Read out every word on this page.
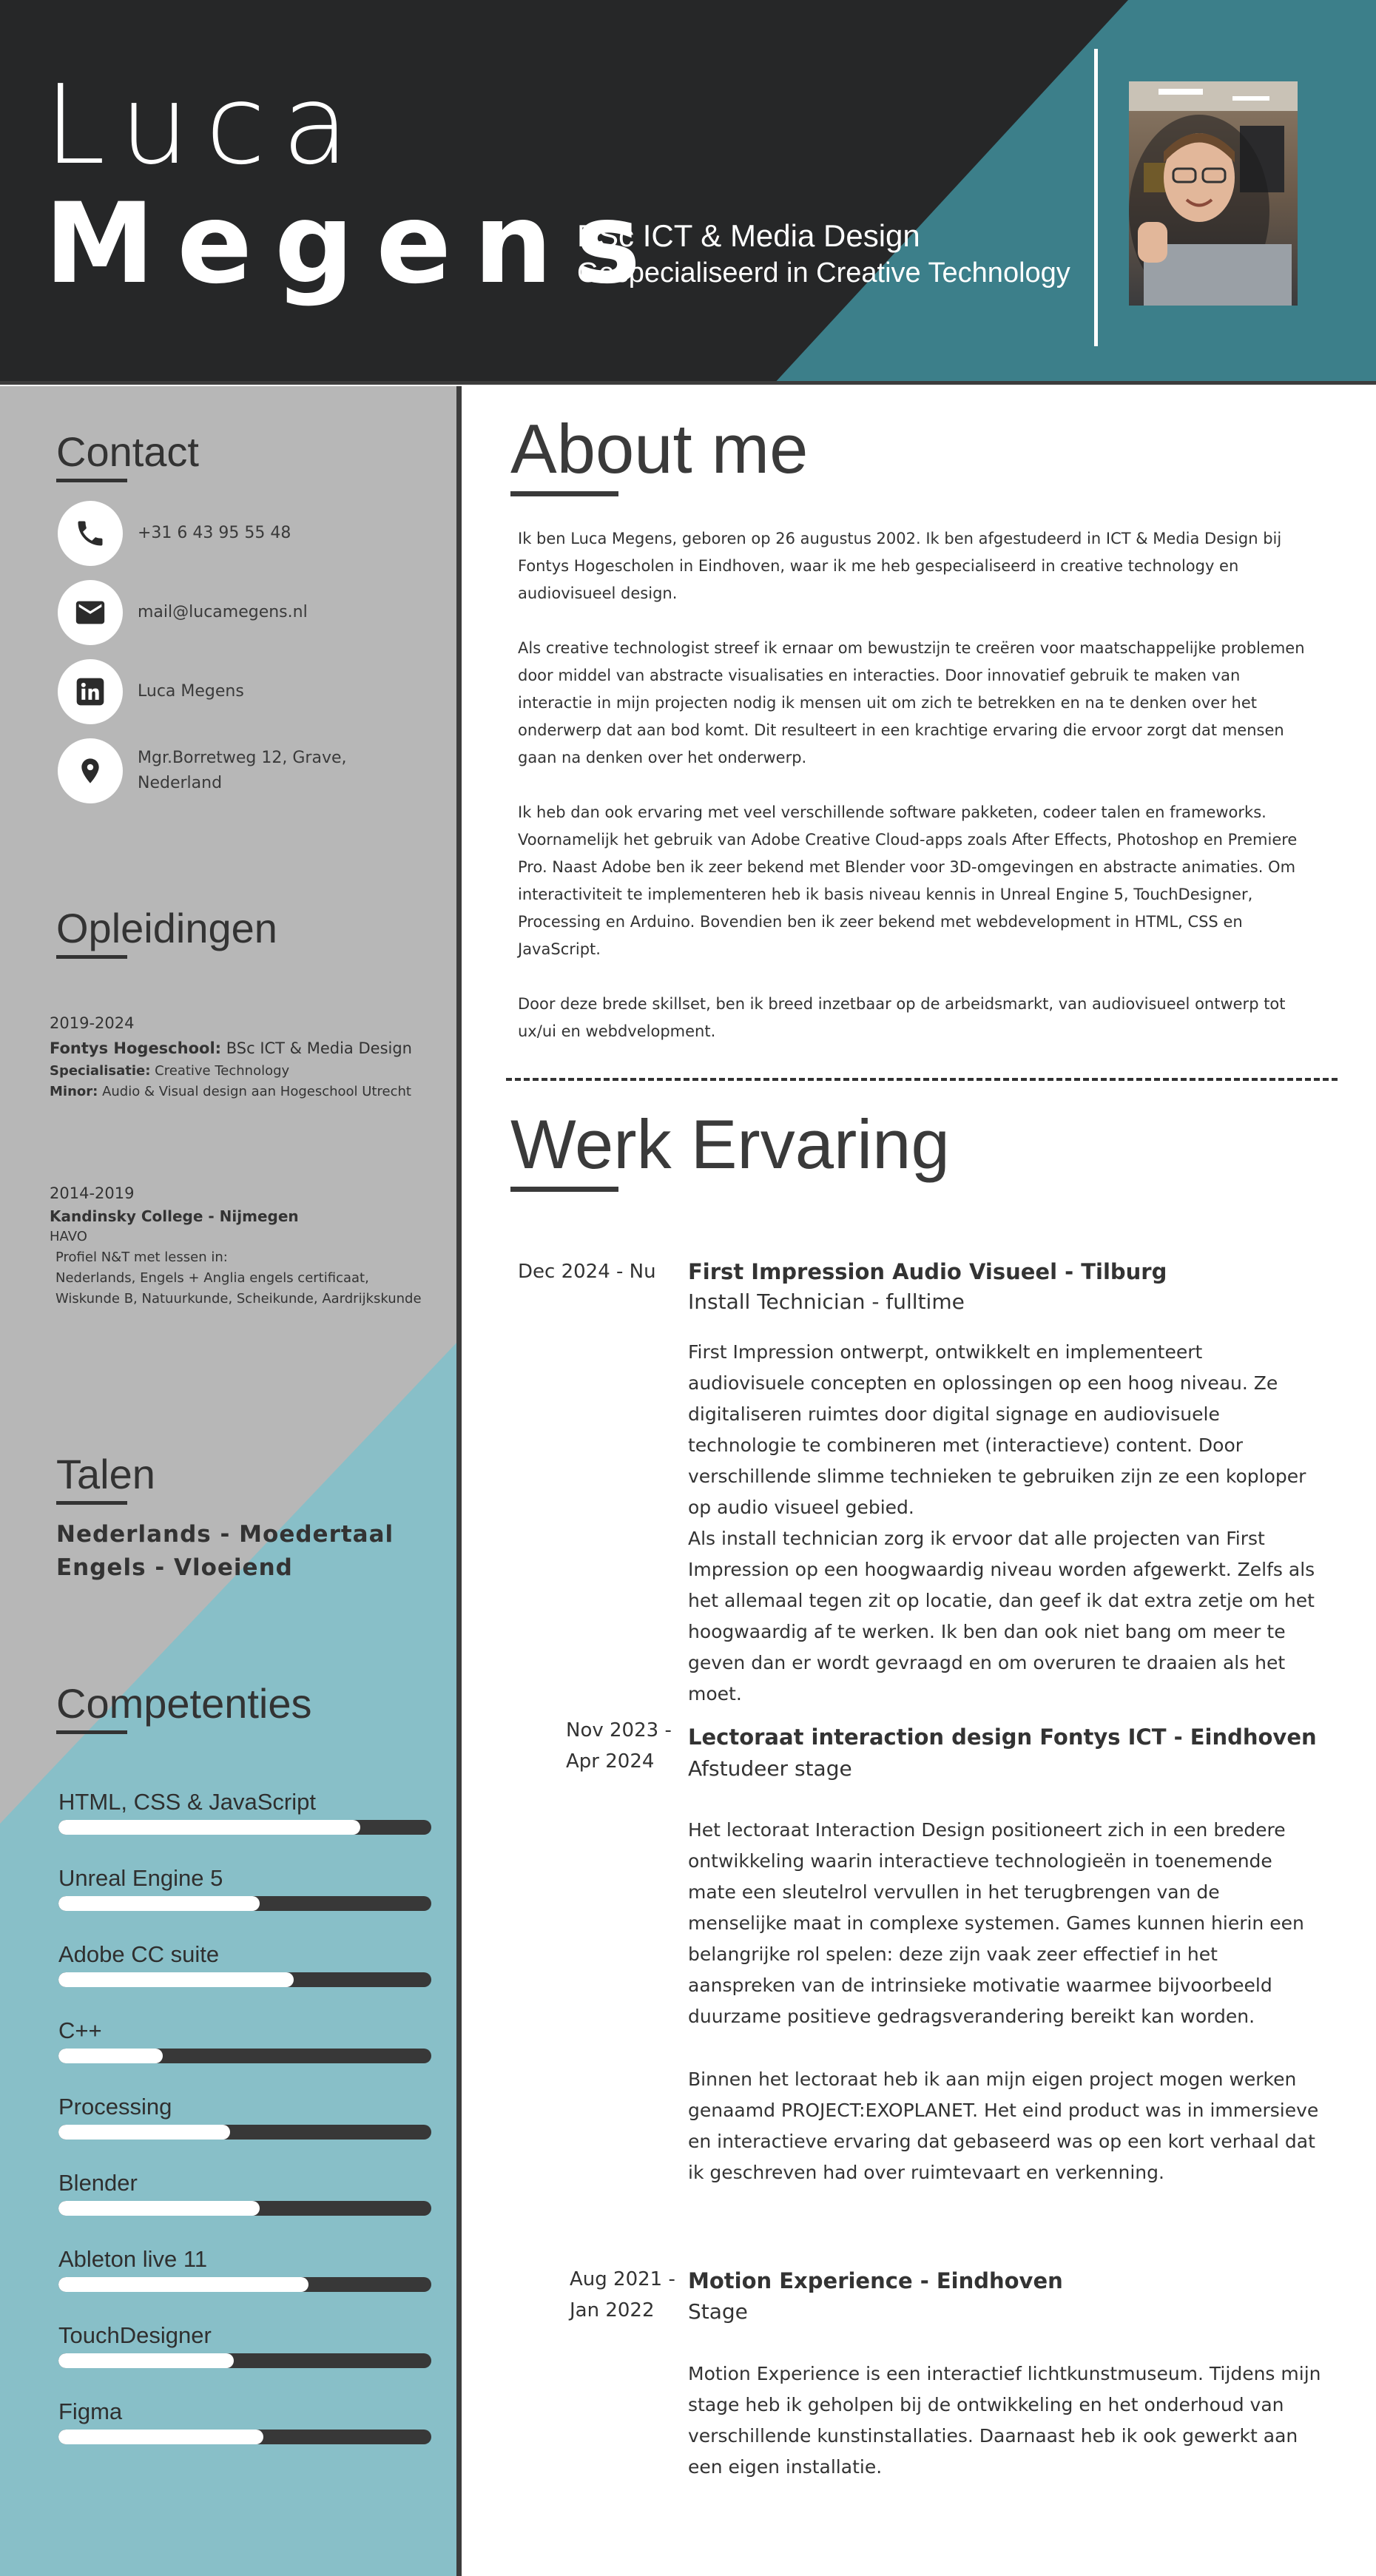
Luca
Megens
BSc ICT & Media Design
Gespecialiseerd in Creative Technology
Contact
+31 6 43 95 55 48
mail@lucamegens.nl
Luca Megens
Mgr.Borretweg 12, Grave,
Nederland
Opleidingen
2019-2024
Fontys Hogeschool: BSc ICT & Media Design
Specialisatie: Creative Technology
Minor: Audio & Visual design aan Hogeschool Utrecht
2014-2019
Kandinsky College - Nijmegen
HAVO
Profiel N&T met lessen in:
Nederlands, Engels + Anglia engels certificaat,
Wiskunde B, Natuurkunde, Scheikunde, Aardrijkskunde
Talen
Nederlands - Moedertaal
Engels - Vloeiend
Competenties
HTML, CSS & JavaScript
Unreal Engine 5
Adobe CC suite
C++
Processing
Blender
Ableton live 11
TouchDesigner
Figma
About me
Ik ben Luca Megens, geboren op 26 augustus 2002. Ik ben afgestudeerd in ICT & Media Design bij Fontys Hogescholen in Eindhoven, waar ik me heb gespecialiseerd in creative technology en audiovisueel design.
Als creative technologist streef ik ernaar om bewustzijn te creëren voor maatschappelijke problemen door middel van abstracte visualisaties en interacties. Door innovatief gebruik te maken van interactie in mijn projecten nodig ik mensen uit om zich te betrekken en na te denken over het onderwerp dat aan bod komt. Dit resulteert in een krachtige ervaring die ervoor zorgt dat mensen gaan na denken over het onderwerp.
Ik heb dan ook ervaring met veel verschillende software pakketen, codeer talen en frameworks. Voornamelijk het gebruik van Adobe Creative Cloud-apps zoals After Effects, Photoshop en Premiere Pro. Naast Adobe ben ik zeer bekend met Blender voor 3D-omgevingen en abstracte animaties. Om interactiviteit te implementeren heb ik basis niveau kennis in Unreal Engine 5, TouchDesigner, Processing en Arduino. Bovendien ben ik zeer bekend met webdevelopment in HTML, CSS en JavaScript.
Door deze brede skillset, ben ik breed inzetbaar op de arbeidsmarkt, van audiovisueel ontwerp tot ux/ui en webdvelopment.
Werk Ervaring
Dec 2024 - Nu	First Impression Audio Visueel - Tilburg
Install Technician - fulltime
First Impression ontwerpt, ontwikkelt en implementeert audiovisuele concepten en oplossingen op een hoog niveau. Ze digitaliseren ruimtes door digital signage en audiovisuele technologie te combineren met (interactieve) content. Door verschillende slimme technieken te gebruiken zijn ze een koploper op audio visueel gebied.
Als install technician zorg ik ervoor dat alle projecten van First Impression op een hoogwaardig niveau worden afgewerkt. Zelfs als het allemaal tegen zit op locatie, dan geef ik dat extra zetje om het hoogwaardig af te werken. Ik ben dan ook niet bang om meer te geven dan er wordt gevraagd en om overuren te draaien als het moet.
Nov 2023 -
Apr 2024
Lectoraat interaction design Fontys ICT - Eindhoven
Afstudeer stage
Het lectoraat Interaction Design positioneert zich in een bredere ontwikkeling waarin interactieve technologieën in toenemende mate een sleutelrol vervullen in het terugbrengen van de menselijke maat in complexe systemen. Games kunnen hierin een belangrijke rol spelen: deze zijn vaak zeer effectief in het aanspreken van de intrinsieke motivatie waarmee bijvoorbeeld duurzame positieve gedragsverandering bereikt kan worden.
Binnen het lectoraat heb ik aan mijn eigen project mogen werken genaamd PROJECT:EXOPLANET. Het eind product was in immersieve en interactieve ervaring dat gebaseerd was op een kort verhaal dat ik geschreven had over ruimtevaart en verkenning.
Aug 2021 -
Jan 2022
Motion Experience - Eindhoven
Stage
Motion Experience is een interactief lichtkunstmuseum. Tijdens mijn stage heb ik geholpen bij de ontwikkeling en het onderhoud van verschillende kunstinstallaties. Daarnaast heb ik ook gewerkt aan een eigen installatie.
